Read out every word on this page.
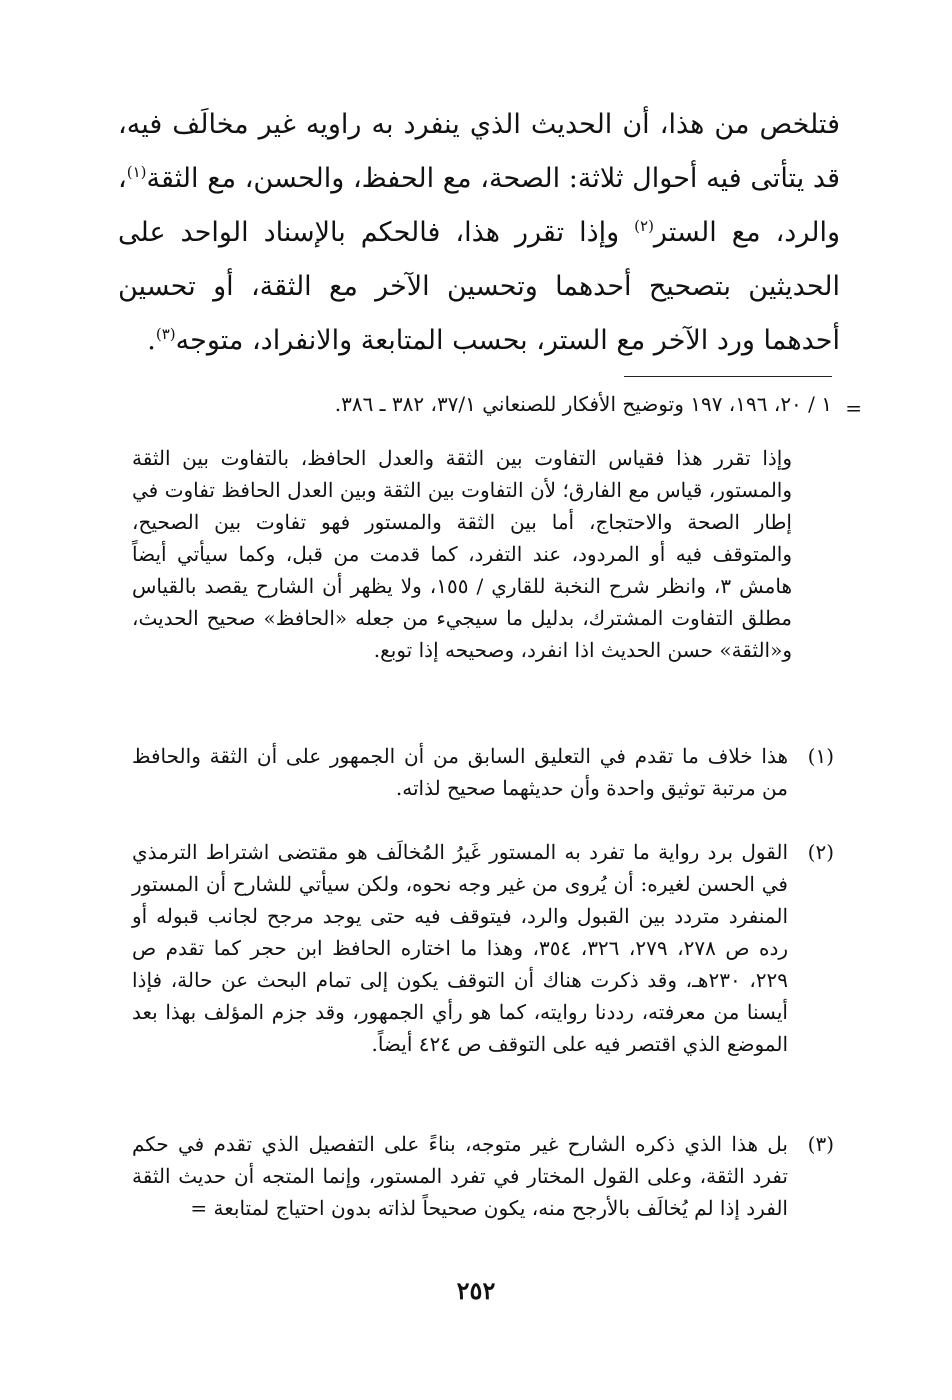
فتلخص من هذا، أن الحديث الذي ينفرد به راويه غير مخالَف فيه، قد يتأتى فيه أحوال ثلاثة: الصحة، مع الحفظ، والحسن، مع الثقة$^{(١)}$، والرد، مع الستر$^{(٢)}$ وإذا تقرر هذا، فالحكم بالإسناد الواحد على الحديثين بتصحيح أحدهما وتحسين الآخر مع الثقة، أو تحسين أحدهما ورد الآخر مع الستر، بحسب المتابعة والانفراد، متوجه$^{(٣)}$.

=
١ / ٢٠، ١٩٦، ١٩٧ وتوضيح الأفكار للصنعاني ٣٧/١، ٣٨٢ ـ ٣٨٦.
وإذا تقرر هذا فقياس التفاوت بين الثقة والعدل الحافظ، بالتفاوت بين الثقة والمستور، قياس مع الفارق؛ لأن التفاوت بين الثقة وبين العدل الحافظ تفاوت في إطار الصحة والاحتجاج، أما بين الثقة والمستور فهو تفاوت بين الصحيح، والمتوقف فيه أو المردود، عند التفرد، كما قدمت من قبل، وكما سيأتي أيضاً هامش ٣، وانظر شرح النخبة للقاري / ١٥٥، ولا يظهر أن الشارح يقصد بالقياس مطلق التفاوت المشترك، بدليل ما سيجيء من جعله «الحافظ» صحيح الحديث، و«الثقة» حسن الحديث اذا انفرد، وصحيحه إذا توبع.
(١)
هذا خلاف ما تقدم في التعليق السابق من أن الجمهور على أن الثقة والحافظ من مرتبة توثيق واحدة وأن حديثهما صحيح لذاته.
(٢)
القول برد رواية ما تفرد به المستور غَيرُ المُخالَف هو مقتضى اشتراط الترمذي في الحسن لغيره: أن يُروى من غير وجه نحوه، ولكن سيأتي للشارح أن المستور المنفرد متردد بين القبول والرد، فيتوقف فيه حتى يوجد مرجح لجانب قبوله أو رده ص ٢٧٨، ٢٧٩، ٣٢٦، ٣٥٤، وهذا ما اختاره الحافظ ابن حجر كما تقدم ص ٢٢٩، ٢٣٠هـ، وقد ذكرت هناك أن التوقف يكون إلى تمام البحث عن حالة، فإذا أيسنا من معرفته، رددنا روايته، كما هو رأي الجمهور، وقد جزم المؤلف بهذا بعد الموضع الذي اقتصر فيه على التوقف ص ٤٢٤ أيضاً.
(٣)
بل هذا الذي ذكره الشارح غير متوجه، بناءً على التفصيل الذي تقدم في حكم تفرد الثقة، وعلى القول المختار في تفرد المستور، وإنما المتجه أن حديث الثقة الفرد إذا لم يُخالَف بالأرجح منه، يكون صحيحاً لذاته بدون احتياج لمتابعة =
٢٥٢
